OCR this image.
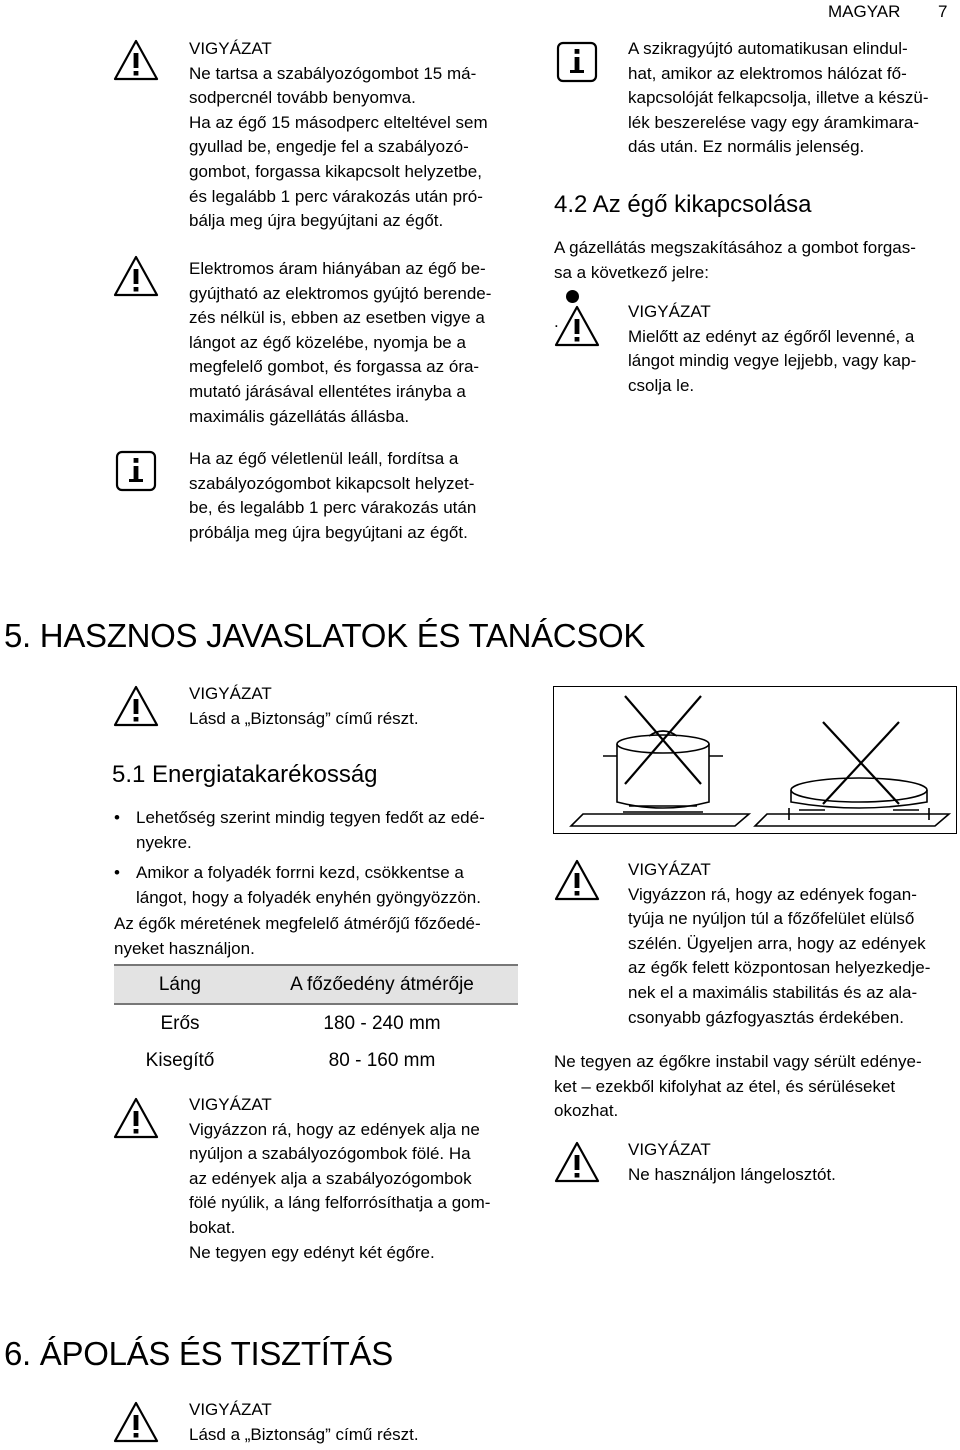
MAGYAR 7
VIGYÁZAT
Ne tartsa a szabályozógombot 15 má-
sodpercnél tovább benyomva.
Ha az égő 15 másodperc elteltével sem
gyullad be, engedje fel a szabályozó-
gombot, forgassa kikapcsolt helyzetbe,
és legalább 1 perc várakozás után pró-
bálja meg újra begyújtani az égőt.
Elektromos áram hiányában az égő be-
gyújtható az elektromos gyújtó berende-
zés nélkül is, ebben az esetben vigye a
lángot az égő közelébe, nyomja be a
megfelelő gombot, és forgassa az óra-
mutató járásával ellentétes irányba a
maximális gázellátás állásba.
Ha az égő véletlenül leáll, fordítsa a
szabályozógombot kikapcsolt helyzet-
be, és legalább 1 perc várakozás után
próbálja meg újra begyújtani az égőt.
A szikragyújtó automatikusan elindul-
hat, amikor az elektromos hálózat fő-
kapcsolóját felkapcsolja, illetve a készü-
lék beszerelése vagy egy áramkimara-
dás után. Ez normális jelenség.
4.2 Az égő kikapcsolása
A gázellátás megszakításához a gombot forgas-
sa a következő jelre:
.
VIGYÁZAT
Mielőtt az edényt az égőről levenné, a
lángot mindig vegye lejjebb, vagy kap-
csolja le.
5. HASZNOS JAVASLATOK ÉS TANÁCSOK
VIGYÁZAT
Lásd a „Biztonság” című részt.
5.1 Energiatakarékosság
• Lehetőség szerint mindig tegyen fedőt az edé-
nyekre.
• Amikor a folyadék forrni kezd, csökkentse a
lángot, hogy a folyadék enyhén gyöngyözzön.
Az égők méretének megfelelő átmérőjű főzőedé-
nyeket használjon.
Láng	A főzőedény átmérője
Erős	180 - 240 mm
Kisegítő	80 - 160 mm
VIGYÁZAT
Vigyázzon rá, hogy az edények alja ne
nyúljon a szabályozógombok fölé. Ha
az edények alja a szabályozógombok
fölé nyúlik, a láng felforrósíthatja a gom-
bokat.
Ne tegyen egy edényt két égőre.
VIGYÁZAT
Vigyázzon rá, hogy az edények fogan-
tyúja ne nyúljon túl a főzőfelület elülső
szélén. Ügyeljen arra, hogy az edények
az égők felett központosan helyezkedje-
nek el a maximális stabilitás és az ala-
csonyabb gázfogyasztás érdekében.
Ne tegyen az égőkre instabil vagy sérült edénye-
ket – ezekből kifolyhat az étel, és sérüléseket
okozhat.
VIGYÁZAT
Ne használjon lángelosztót.
6. ÁPOLÁS ÉS TISZTÍTÁS
VIGYÁZAT
Lásd a „Biztonság” című részt.
